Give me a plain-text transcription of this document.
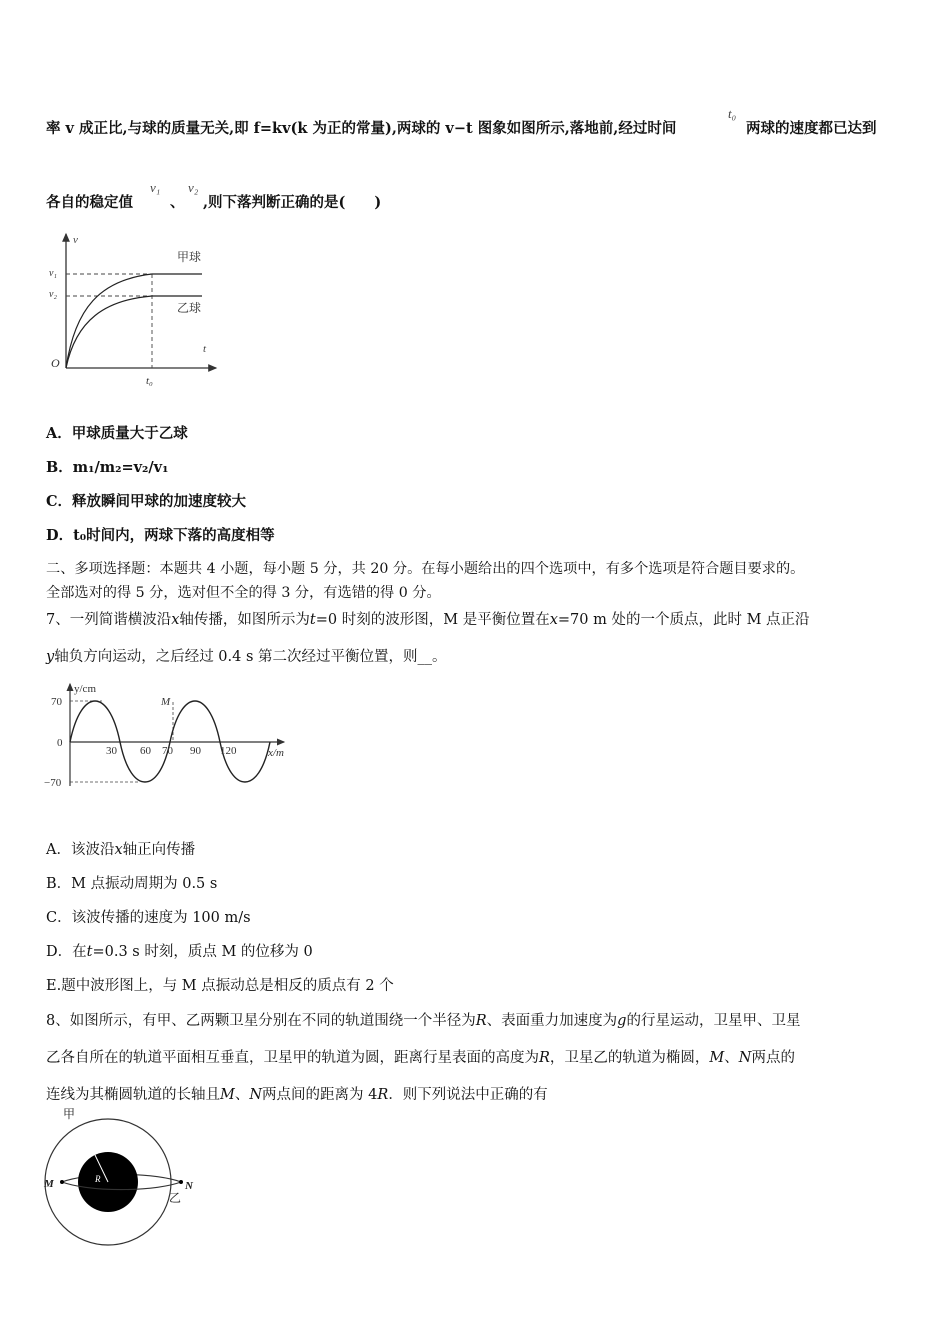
率 v 成正比,与球的质量无关,即 f=kv(k 为正的常量),两球的 v−t 图象如图所示,落地前,经过时间
t₀
两球的速度都已达到
各自的稳定值
v₁
、
v₂
,则下落判断正确的是(　　)
v
t
O
v₁
v₂
甲球
乙球
t₀
A．甲球质量大于乙球
B．m₁/m₂=v₂/v₁
C．释放瞬间甲球的加速度较大
D．t₀时间内，两球下落的高度相等
二、多项选择题：本题共 4 小题，每小题 5 分，共 20 分。在每小题给出的四个选项中，有多个选项是符合题目要求的。
全部选对的得 5 分，选对但不全的得 3 分，有选错的得 0 分。
7、一列简谐横波沿x轴传播，如图所示为t=0 时刻的波形图，M 是平衡位置在x=70 m 处的一个质点，此时 M 点正沿
y轴负方向运动，之后经过 0.4 s 第二次经过平衡位置，则__。
y/cm
x/m
70
0
−70
30 60 70 90 120
M
A．该波沿x轴正向传播
B．M 点振动周期为 0.5 s
C．该波传播的速度为 100 m/s
D．在t=0.3 s 时刻，质点 M 的位移为 0
E.题中波形图上，与 M 点振动总是相反的质点有 2 个
8、如图所示，有甲、乙两颗卫星分别在不同的轨道围绕一个半径为R、表面重力加速度为g的行星运动，卫星甲、卫星
乙各自所在的轨道平面相互垂直，卫星甲的轨道为圆，距离行星表面的高度为R，卫星乙的轨道为椭圆，M、N两点的
连线为其椭圆轨道的长轴且M、N两点间的距离为 4R．则下列说法中正确的有
R
M	N
甲
乙
